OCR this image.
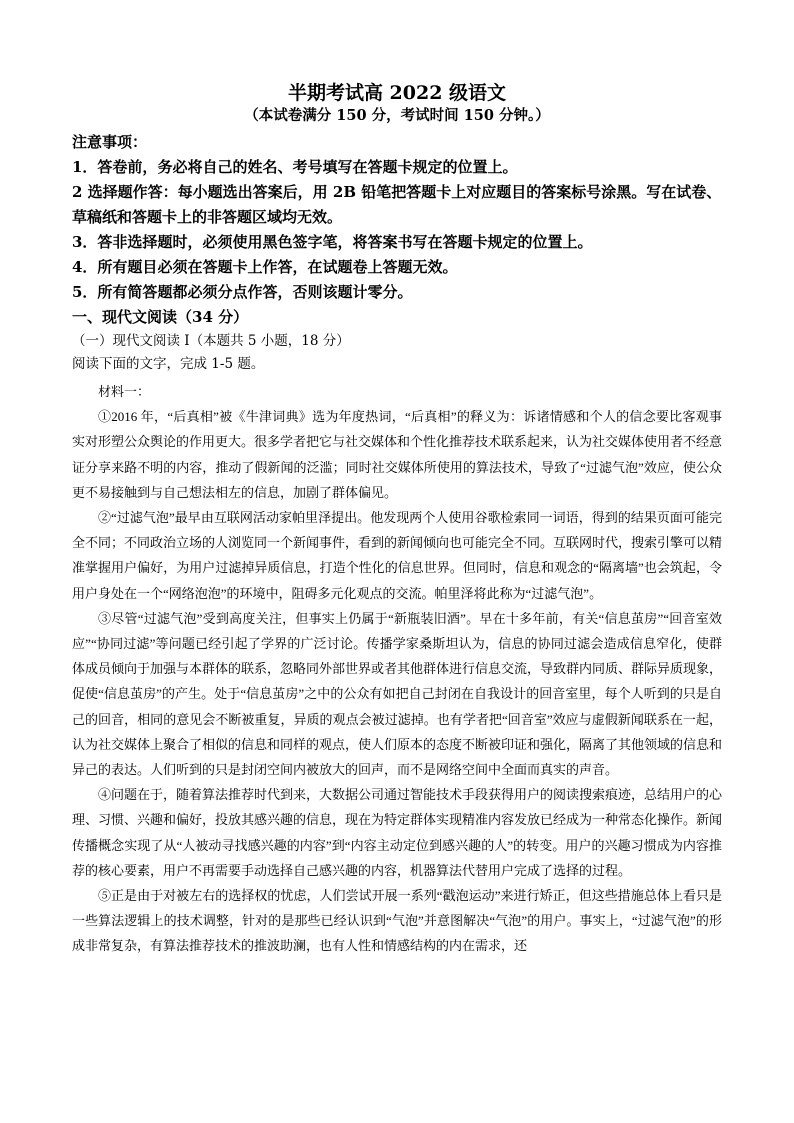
半期考试高 2022 级语文
（本试卷满分 150 分，考试时间 150 分钟。）
注意事项：
1．答卷前，务必将自己的姓名、考号填写在答题卡规定的位置上。
2 选择题作答：每小题选出答案后，用 2B 铅笔把答题卡上对应题目的答案标号涂黑。写在试卷、草稿纸和答题卡上的非答题区域均无效。
3．答非选择题时，必须使用黑色签字笔，将答案书写在答题卡规定的位置上。
4．所有题目必须在答题卡上作答，在试题卷上答题无效。
5．所有简答题都必须分点作答，否则该题计零分。
一、现代文阅读（34 分）
（一）现代文阅读 I（本题共 5 小题，18 分）
阅读下面的文字，完成 1-5 题。

材料一：

①2016 年，“后真相”被《牛津词典》选为年度热词，“后真相”的释义为：诉诸情感和个人的信念要比客观事实对形塑公众舆论的作用更大。很多学者把它与社交媒体和个性化推荐技术联系起来，认为社交媒体使用者不经意证分享来路不明的内容，推动了假新闻的泛滥；同时社交媒体所使用的算法技术，导致了“过滤气泡”效应，使公众更不易接触到与自己想法相左的信息，加剧了群体偏见。

②“过滤气泡”最早由互联网活动家帕里泽提出。他发现两个人使用谷歌检索同一词语，得到的结果页面可能完全不同；不同政治立场的人浏览同一个新闻事件，看到的新闻倾向也可能完全不同。互联网时代，搜索引擎可以精准掌握用户偏好，为用户过滤掉异质信息，打造个性化的信息世界。但同时，信息和观念的“隔离墙”也会筑起，令用户身处在一个“网络泡泡”的环境中，阻碍多元化观点的交流。帕里泽将此称为“过滤气泡”。

③尽管“过滤气泡”受到高度关注，但事实上仍属于“新瓶装旧酒”。早在十多年前，有关“信息茧房”“回音室效应”“协同过滤”等问题已经引起了学界的广泛讨论。传播学家桑斯坦认为，信息的协同过滤会造成信息窄化，使群体成员倾向于加强与本群体的联系，忽略同外部世界或者其他群体进行信息交流，导致群内同质、群际异质现象，促使“信息茧房”的产生。处于“信息茧房”之中的公众有如把自己封闭在自我设计的回音室里，每个人听到的只是自己的回音，相同的意见会不断被重复，异质的观点会被过滤掉。也有学者把“回音室”效应与虚假新闻联系在一起，认为社交媒体上聚合了相似的信息和同样的观点，使人们原本的态度不断被印证和强化，隔离了其他领域的信息和异己的表达。人们听到的只是封闭空间内被放大的回声，而不是网络空间中全面而真实的声音。

④问题在于，随着算法推荐时代到来，大数据公司通过智能技术手段获得用户的阅读搜索痕迹，总结用户的心理、习惯、兴趣和偏好，投放其感兴趣的信息，现在为特定群体实现精准内容发放已经成为一种常态化操作。新闻传播概念实现了从“人被动寻找感兴趣的内容”到“内容主动定位到感兴趣的人”的转变。用户的兴趣习惯成为内容推荐的核心要素，用户不再需要手动选择自己感兴趣的内容，机器算法代替用户完成了选择的过程。

⑤正是由于对被左右的选择权的忧虑，人们尝试开展一系列“戳泡运动”来进行矫正，但这些措施总体上看只是一些算法逻辑上的技术调整，针对的是那些已经认识到“气泡”并意图解决“气泡”的用户。事实上，“过滤气泡”的形成非常复杂，有算法推荐技术的推波助澜，也有人性和情感结构的内在需求，还
